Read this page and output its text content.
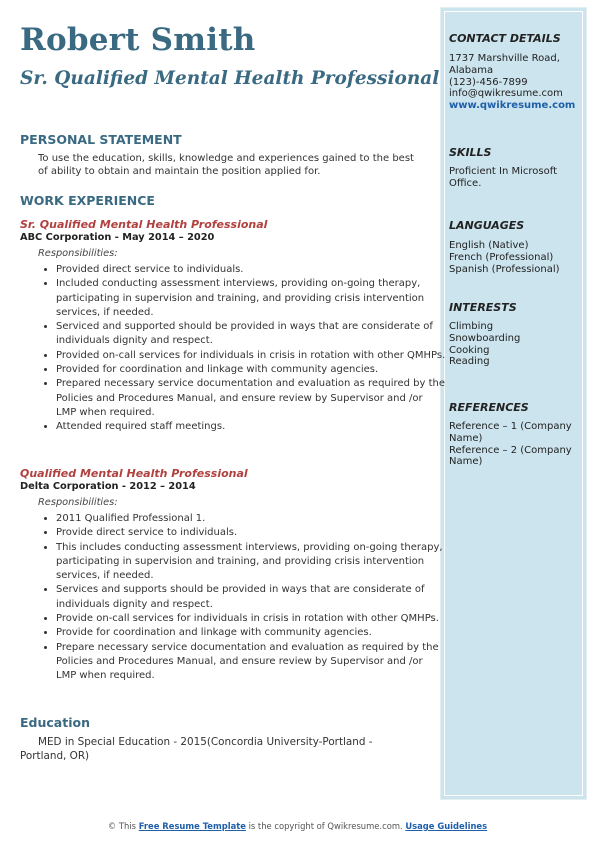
Robert Smith
Sr. Qualified Mental Health Professional
PERSONAL STATEMENT
To use the education, skills, knowledge and experiences gained to the best of ability to obtain and maintain the position applied for.
WORK EXPERIENCE
Sr. Qualified Mental Health Professional
ABC Corporation - May 2014 – 2020
Responsibilities:
• Provided direct service to individuals.
• Included conducting assessment interviews, providing on-going therapy, participating in supervision and training, and providing crisis intervention services, if needed.
• Serviced and supported should be provided in ways that are considerate of individuals dignity and respect.
• Provided on-call services for individuals in crisis in rotation with other QMHPs.
• Provided for coordination and linkage with community agencies.
• Prepared necessary service documentation and evaluation as required by the Policies and Procedures Manual, and ensure review by Supervisor and /or LMP when required.
• Attended required staff meetings.
Qualified Mental Health Professional
Delta Corporation - 2012 – 2014
Responsibilities:
• 2011 Qualified Professional 1.
• Provide direct service to individuals.
• This includes conducting assessment interviews, providing on-going therapy, participating in supervision and training, and providing crisis intervention services, if needed.
• Services and supports should be provided in ways that are considerate of individuals dignity and respect.
• Provide on-call services for individuals in crisis in rotation with other QMHPs.
• Provide for coordination and linkage with community agencies.
• Prepare necessary service documentation and evaluation as required by the Policies and Procedures Manual, and ensure review by Supervisor and /or LMP when required.
Education
MED in Special Education - 2015(Concordia University-Portland - Portland, OR)
CONTACT DETAILS
1737 Marshville Road,
Alabama
(123)-456-7899
info@qwikresume.com
www.qwikresume.com
SKILLS
Proficient In Microsoft Office.
LANGUAGES
English (Native)
French (Professional)
Spanish (Professional)
INTERESTS
Climbing
Snowboarding
Cooking
Reading
REFERENCES
Reference – 1 (Company Name)
Reference – 2 (Company Name)
© This Free Resume Template is the copyright of Qwikresume.com. Usage Guidelines
